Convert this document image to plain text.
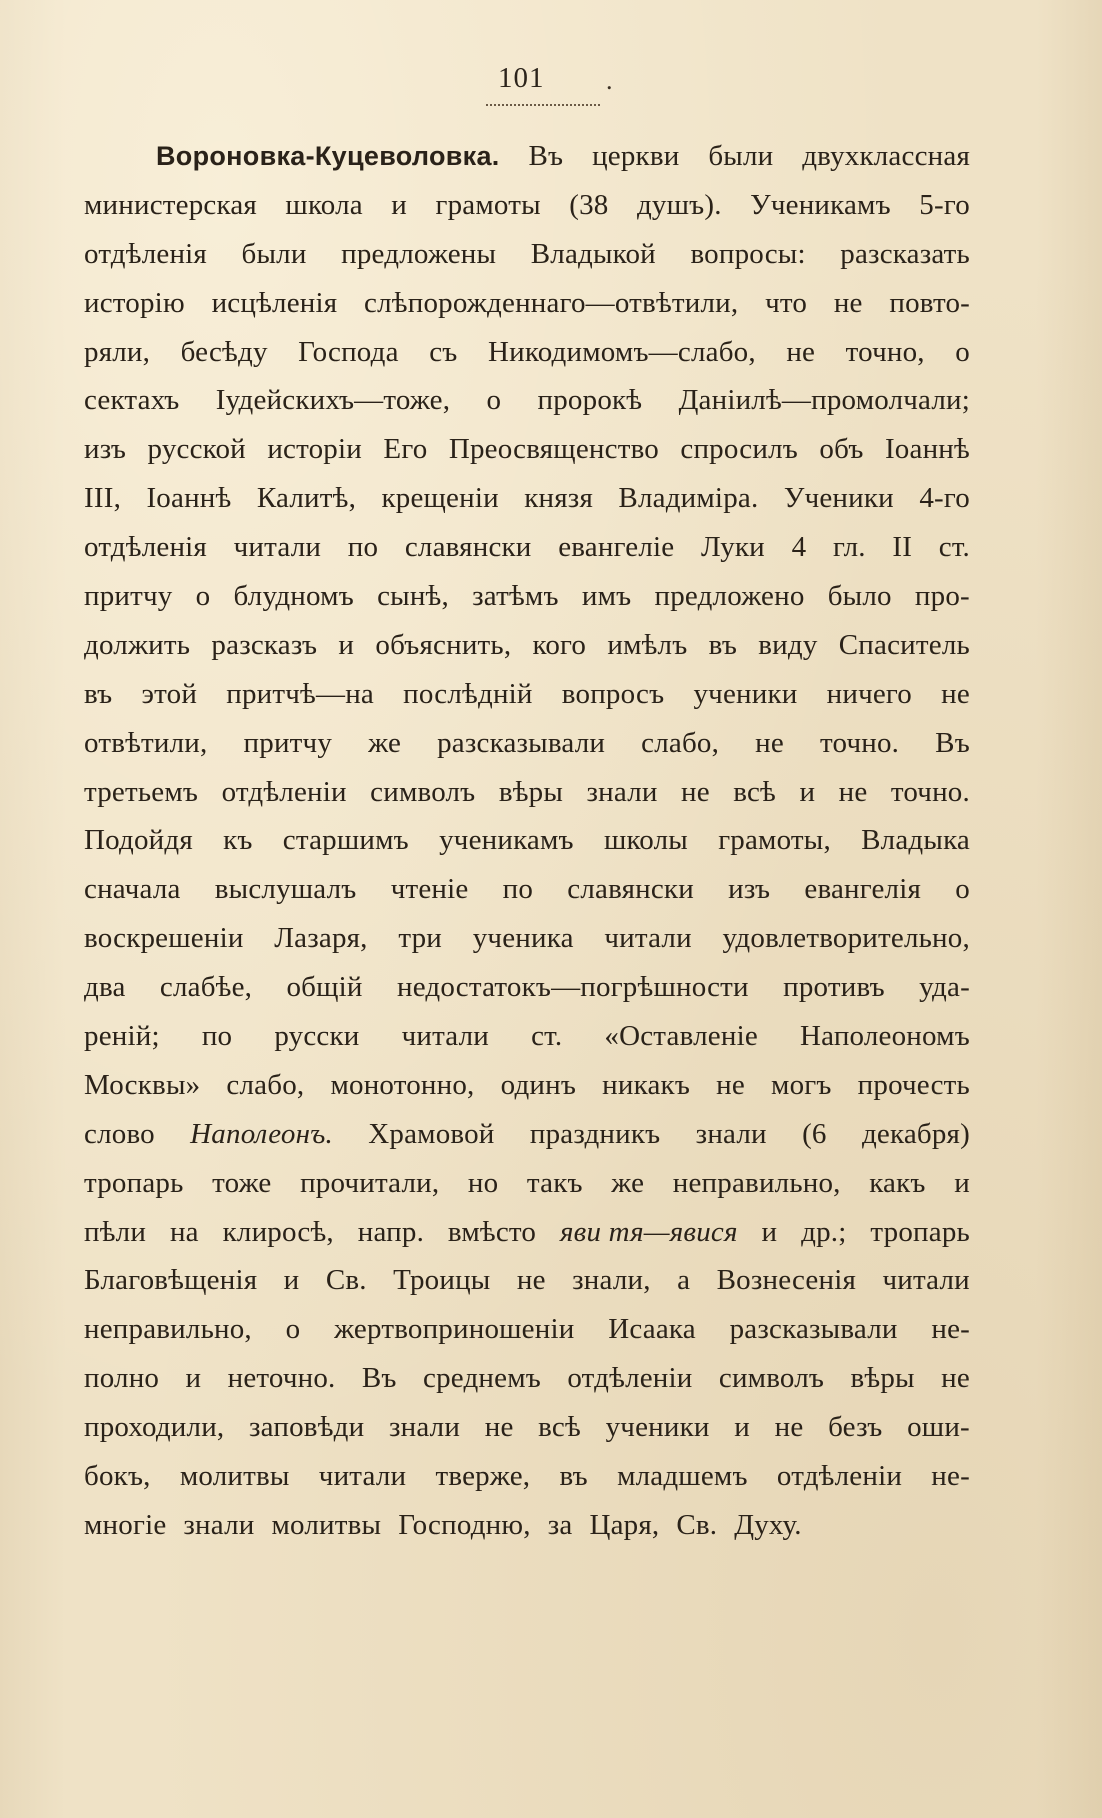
101 .
Вороновка-Куцеволовка. Въ церкви были двухклассная
министерская школа и грамоты (38 душъ). Ученикамъ 5-го
отдѣленія были предложены Владыкой вопросы: разсказать
исторію исцѣленія слѣпорожденнаго—отвѣтили, что не повто-
ряли, бесѣду Господа съ Никодимомъ—слабо, не точно, о
сектахъ Іудейскихъ—тоже, о пророкѣ Даніилѣ—промолчали;
изъ русской исторіи Его Преосвященство спросилъ объ Іоаннѣ
III, Іоаннѣ Калитѣ, крещеніи князя Владиміра. Ученики 4-го
отдѣленія читали по славянски евангеліе Луки 4 гл. II ст.
притчу о блудномъ сынѣ, затѣмъ имъ предложено было про-
должить разсказъ и объяснить, кого имѣлъ въ виду Спаситель
въ этой притчѣ—на послѣдній вопросъ ученики ничего не
отвѣтили, притчу же разсказывали слабо, не точно. Въ
третьемъ отдѣленіи символъ вѣры знали не всѣ и не точно.
Подойдя къ старшимъ ученикамъ школы грамоты, Владыка
сначала выслушалъ чтеніе по славянски изъ евангелія о
воскрешеніи Лазаря, три ученика читали удовлетворительно,
два слабѣе, общій недостатокъ—погрѣшности противъ уда-
реній; по русски читали ст. «Оставленіе Наполеономъ
Москвы» слабо, монотонно, одинъ никакъ не могъ прочесть
слово Наполеонъ. Храмовой праздникъ знали (6 декабря)
тропарь тоже прочитали, но такъ же неправильно, какъ и
пѣли на клиросѣ, напр. вмѣсто яви тя—явися и др.; тропарь
Благовѣщенія и Св. Троицы не знали, а Вознесенія читали
неправильно, о жертвоприношеніи Исаака разсказывали не-
полно и неточно. Въ среднемъ отдѣленіи символъ вѣры не
проходили, заповѣди знали не всѣ ученики и не безъ оши-
бокъ, молитвы читали тверже, въ младшемъ отдѣленіи не-
многіе знали молитвы Господню, за Царя, Св. Духу.
